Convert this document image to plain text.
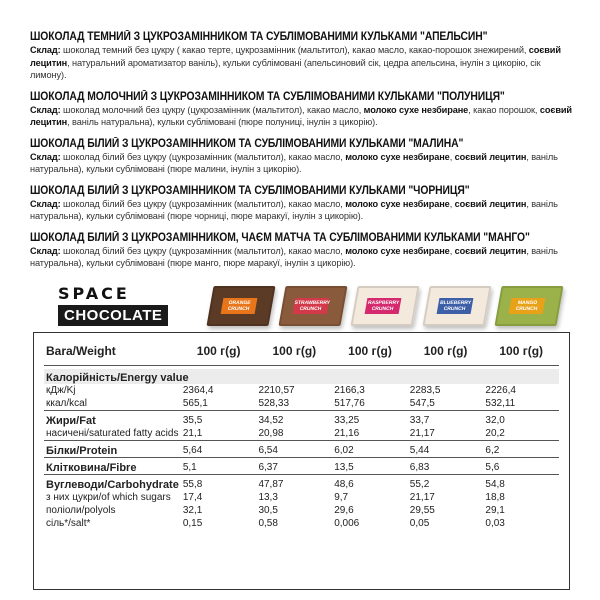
ШОКОЛАД ТЕМНИЙ З ЦУКРОЗАМІННИКОМ ТА СУБЛІМОВАНИМИ КУЛЬКАМИ "АПЕЛЬСИН"
Склад: шоколад темний без цукру ( какао терте, цукрозамінник (мальтитол), какао масло, какао-порошок знежирений, соєвий лецитин, натуральний ароматизатор ваніль), кульки сублімовані (апельсиновий сік, цедра апельсина, інулін з цикорію, сік лимону).
ШОКОЛАД МОЛОЧНИЙ З ЦУКРОЗАМІННИКОМ ТА СУБЛІМОВАНИМИ КУЛЬКАМИ "ПОЛУНИЦЯ"
Склад: шоколад молочний без цукру (цукрозамінник (мальтитол), какао масло, молоко сухе незбиране, какао порошок, соєвий лецитин, ваніль натуральна), кульки сублімовані (пюре полуниці, інулін з цикорію).
ШОКОЛАД БІЛИЙ З ЦУКРОЗАМІННИКОМ ТА СУБЛІМОВАНИМИ КУЛЬКАМИ "МАЛИНА"
Склад: шоколад білий без цукру (цукрозамінник (мальтитол), какао масло, молоко сухе незбиране, соєвий лецитин, ваніль натуральна), кульки сублімовані (пюре малини, інулін з цикорію).
ШОКОЛАД БІЛИЙ З ЦУКРОЗАМІННИКОМ ТА СУБЛІМОВАНИМИ КУЛЬКАМИ "ЧОРНИЦЯ"
Склад: шоколад білий без цукру (цукрозамінник (мальтитол), какао масло, молоко сухе незбиране, соєвий лецитин, ваніль натуральна), кульки сублімовані (пюре чорниці, пюре маракуї, інулін з цикорію).
ШОКОЛАД БІЛИЙ З ЦУКРОЗАМІННИКОМ, ЧАЄМ МАТЧА ТА СУБЛІМОВАНИМИ КУЛЬКАМИ "МАНГО"
Склад: шоколад білий без цукру (цукрозамінник (мальтитол), какао масло, молоко сухе незбиране, соєвий лецитин, ваніль натуральна), кульки сублімовані (пюре манго, пюре маракуї, інулін з цикорію).
SPACE
CHOCOLATE
ORANGE CRUNCH
STRAWBERRY CRUNCH
RASPBERRY CRUNCH
BLUEBERRY CRUNCH
MANGO CRUNCH
Bara/Weight	100 г(g)	100 г(g)	100 г(g)	100 г(g)	100 г(g)

Калорійність/Energy value					
кДж/Kj	2364,4	2210,57	2166,3	2283,5	2226,4
ккал/kcal	565,1	528,33	517,76	547,5	532,11

Жири/Fat	35,5	34,52	33,25	33,7	32,0
насичені/saturated fatty acids	21,1	20,98	21,16	21,17	20,2

Білки/Protein	5,64	6,54	6,02	5,44	6,2

Клітковина/Fibre	5,1	6,37	13,5	6,83	5,6

Вуглеводи/Carbohydrate	55,8	47,87	48,6	55,2	54,8
з них цукри/of which sugars	17,4	13,3	9,7	21,17	18,8
поліоли/polyols	32,1	30,5	29,6	29,55	29,1
сіль*/salt*	0,15	0,58	0,006	0,05	0,03
